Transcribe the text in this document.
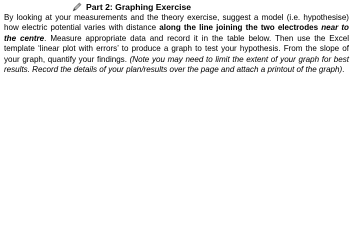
Part 2: Graphing Exercise

By looking at your measurements and the theory exercise, suggest a model (i.e. hypothesise) how electric potential varies with distance along the line joining the two electrodes near to the centre. Measure appropriate data and record it in the table below. Then use the Excel template ‘linear plot with errors’ to produce a graph to test your hypothesis. From the slope of your graph, quantify your findings. (Note you may need to limit the extent of your graph for best results. Record the details of your plan/results over the page and attach a printout of the graph).
